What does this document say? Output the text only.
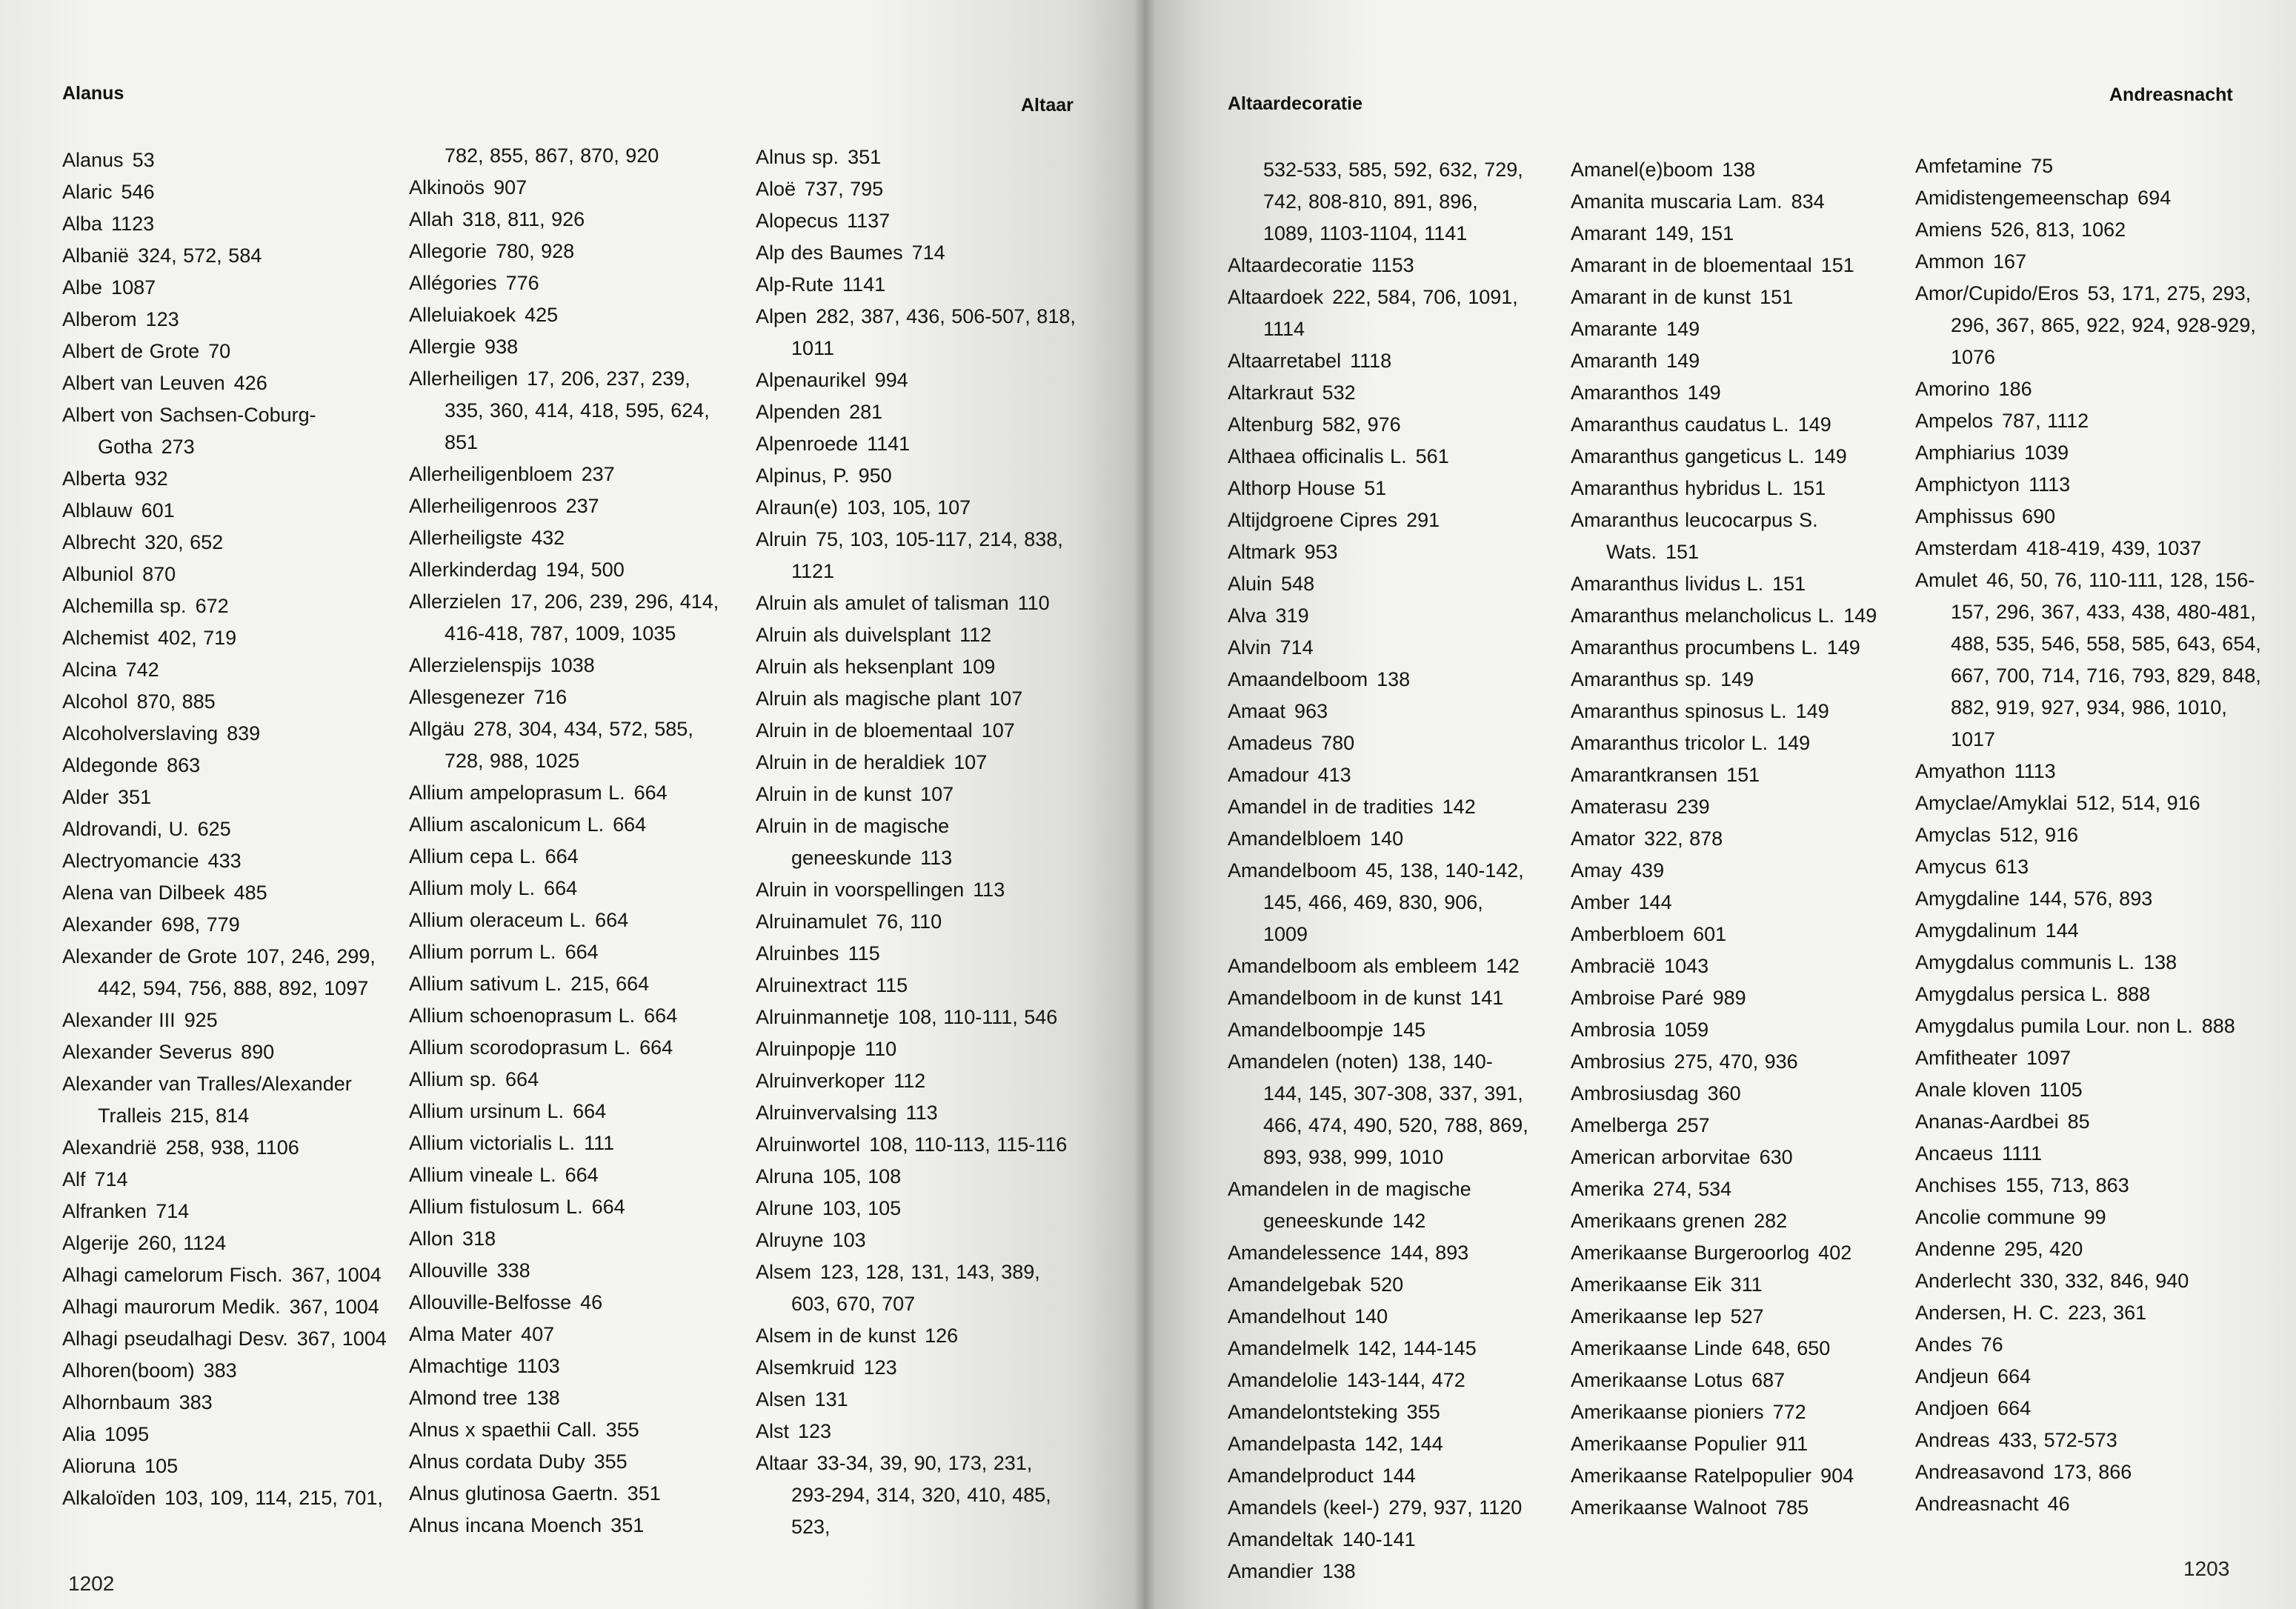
Alanus
Altaar
Alanus 53
Alaric 546
Alba 1123
Albanië 324, 572, 584
Albe 1087
Alberom 123
Albert de Grote 70
Albert van Leuven 426
Albert von Sachsen-Coburg-Gotha 273
Alberta 932
Alblauw 601
Albrecht 320, 652
Albuniol 870
Alchemilla sp. 672
Alchemist 402, 719
Alcina 742
Alcohol 870, 885
Alcoholverslaving 839
Aldegonde 863
Alder 351
Aldrovandi, U. 625
Alectryomancie 433
Alena van Dilbeek 485
Alexander 698, 779
Alexander de Grote 107, 246, 299, 442, 594, 756, 888, 892, 1097
Alexander III 925
Alexander Severus 890
Alexander van Tralles/Alexander Tralleis 215, 814
Alexandrië 258, 938, 1106
Alf 714
Alfranken 714
Algerije 260, 1124
Alhagi camelorum Fisch. 367, 1004
Alhagi maurorum Medik. 367, 1004
Alhagi pseudalhagi Desv. 367, 1004
Alhoren(boom) 383
Alhornbaum 383
Alia 1095
Alioruna 105
Alkaloïden 103, 109, 114, 215, 701,
782, 855, 867, 870, 920
Alkinoös 907
Allah 318, 811, 926
Allegorie 780, 928
Allégories 776
Alleluiakoek 425
Allergie 938
Allerheiligen 17, 206, 237, 239, 335, 360, 414, 418, 595, 624, 851
Allerheiligenbloem 237
Allerheiligenroos 237
Allerheiligste 432
Allerkinderdag 194, 500
Allerzielen 17, 206, 239, 296, 414, 416-418, 787, 1009, 1035
Allerzielenspijs 1038
Allesgenezer 716
Allgäu 278, 304, 434, 572, 585, 728, 988, 1025
Allium ampeloprasum L. 664
Allium ascalonicum L. 664
Allium cepa L. 664
Allium moly L. 664
Allium oleraceum L. 664
Allium porrum L. 664
Allium sativum L. 215, 664
Allium schoenoprasum L. 664
Allium scorodoprasum L. 664
Allium sp. 664
Allium ursinum L. 664
Allium victorialis L. 111
Allium vineale L. 664
Allium fistulosum L. 664
Allon 318
Allouville 338
Allouville-Belfosse 46
Alma Mater 407
Almachtige 1103
Almond tree 138
Alnus x spaethii Call. 355
Alnus cordata Duby 355
Alnus glutinosa Gaertn. 351
Alnus incana Moench 351
Alnus sp. 351
Aloë 737, 795
Alopecus 1137
Alp des Baumes 714
Alp-Rute 1141
Alpen 282, 387, 436, 506-507, 818, 1011
Alpenaurikel 994
Alpenden 281
Alpenroede 1141
Alpinus, P. 950
Alraun(e) 103, 105, 107
Alruin 75, 103, 105-117, 214, 838, 1121
Alruin als amulet of talisman 110
Alruin als duivelsplant 112
Alruin als heksenplant 109
Alruin als magische plant 107
Alruin in de bloementaal 107
Alruin in de heraldiek 107
Alruin in de kunst 107
Alruin in de magische geneeskunde 113
Alruin in voorspellingen 113
Alruinamulet 76, 110
Alruinbes 115
Alruinextract 115
Alruinmannetje 108, 110-111, 546
Alruinpopje 110
Alruinverkoper 112
Alruinvervalsing 113
Alruinwortel 108, 110-113, 115-116
Alruna 105, 108
Alrune 103, 105
Alruyne 103
Alsem 123, 128, 131, 143, 389, 603, 670, 707
Alsem in de kunst 126
Alsemkruid 123
Alsen 131
Alst 123
Altaar 33-34, 39, 90, 173, 231, 293-294, 314, 320, 410, 485, 523,
1202
Altaardecoratie	Andreasnacht
532-533, 585, 592, 632, 729, 742, 808-810, 891, 896, 1089, 1103-1104, 1141
Altaardecoratie 1153
Altaardoek 222, 584, 706, 1091, 1114
Altaarretabel 1118
Altarkraut 532
Altenburg 582, 976
Althaea officinalis L. 561
Althorp House 51
Altijdgroene Cipres 291
Altmark 953
Aluin 548
Alva 319
Alvin 714
Amaandelboom 138
Amaat 963
Amadeus 780
Amadour 413
Amandel in de tradities 142
Amandelbloem 140
Amandelboom 45, 138, 140-142, 145, 466, 469, 830, 906, 1009
Amandelboom als embleem 142
Amandelboom in de kunst 141
Amandelboompje 145
Amandelen (noten) 138, 140-144, 145, 307-308, 337, 391, 466, 474, 490, 520, 788, 869, 893, 938, 999, 1010
Amandelen in de magische geneeskunde 142
Amandelessence 144, 893
Amandelgebak 520
Amandelhout 140
Amandelmelk 142, 144-145
Amandelolie 143-144, 472
Amandelontsteking 355
Amandelpasta 142, 144
Amandelproduct 144
Amandels (keel-) 279, 937, 1120
Amandeltak 140-141
Amandier 138
Amanel(e)boom 138
Amanita muscaria Lam. 834
Amarant 149, 151
Amarant in de bloementaal 151
Amarant in de kunst 151
Amarante 149
Amaranth 149
Amaranthos 149
Amaranthus caudatus L. 149
Amaranthus gangeticus L. 149
Amaranthus hybridus L. 151
Amaranthus leucocarpus S. Wats. 151
Amaranthus lividus L. 151
Amaranthus melancholicus L. 149
Amaranthus procumbens L. 149
Amaranthus sp. 149
Amaranthus spinosus L. 149
Amaranthus tricolor L. 149
Amarantkransen 151
Amaterasu 239
Amator 322, 878
Amay 439
Amber 144
Amberbloem 601
Ambracië 1043
Ambroise Paré 989
Ambrosia 1059
Ambrosius 275, 470, 936
Ambrosiusdag 360
Amelberga 257
American arborvitae 630
Amerika 274, 534
Amerikaans grenen 282
Amerikaanse Burgeroorlog 402
Amerikaanse Eik 311
Amerikaanse Iep 527
Amerikaanse Linde 648, 650
Amerikaanse Lotus 687
Amerikaanse pioniers 772
Amerikaanse Populier 911
Amerikaanse Ratelpopulier 904
Amerikaanse Walnoot 785
Amfetamine 75
Amidistengemeenschap 694
Amiens 526, 813, 1062
Ammon 167
Amor/Cupido/Eros 53, 171, 275, 293, 296, 367, 865, 922, 924, 928-929, 1076
Amorino 186
Ampelos 787, 1112
Amphiarius 1039
Amphictyon 1113
Amphissus 690
Amsterdam 418-419, 439, 1037
Amulet 46, 50, 76, 110-111, 128, 156-157, 296, 367, 433, 438, 480-481, 488, 535, 546, 558, 585, 643, 654, 667, 700, 714, 716, 793, 829, 848, 882, 919, 927, 934, 986, 1010, 1017
Amyathon 1113
Amyclae/Amyklai 512, 514, 916
Amyclas 512, 916
Amycus 613
Amygdaline 144, 576, 893
Amygdalinum 144
Amygdalus communis L. 138
Amygdalus persica L. 888
Amygdalus pumila Lour. non L. 888
Amfitheater 1097
Anale kloven 1105
Ananas-Aardbei 85
Ancaeus 1111
Anchises 155, 713, 863
Ancolie commune 99
Andenne 295, 420
Anderlecht 330, 332, 846, 940
Andersen, H. C. 223, 361
Andes 76
Andjeun 664
Andjoen 664
Andreas 433, 572-573
Andreasavond 173, 866
Andreasnacht 46
1203
